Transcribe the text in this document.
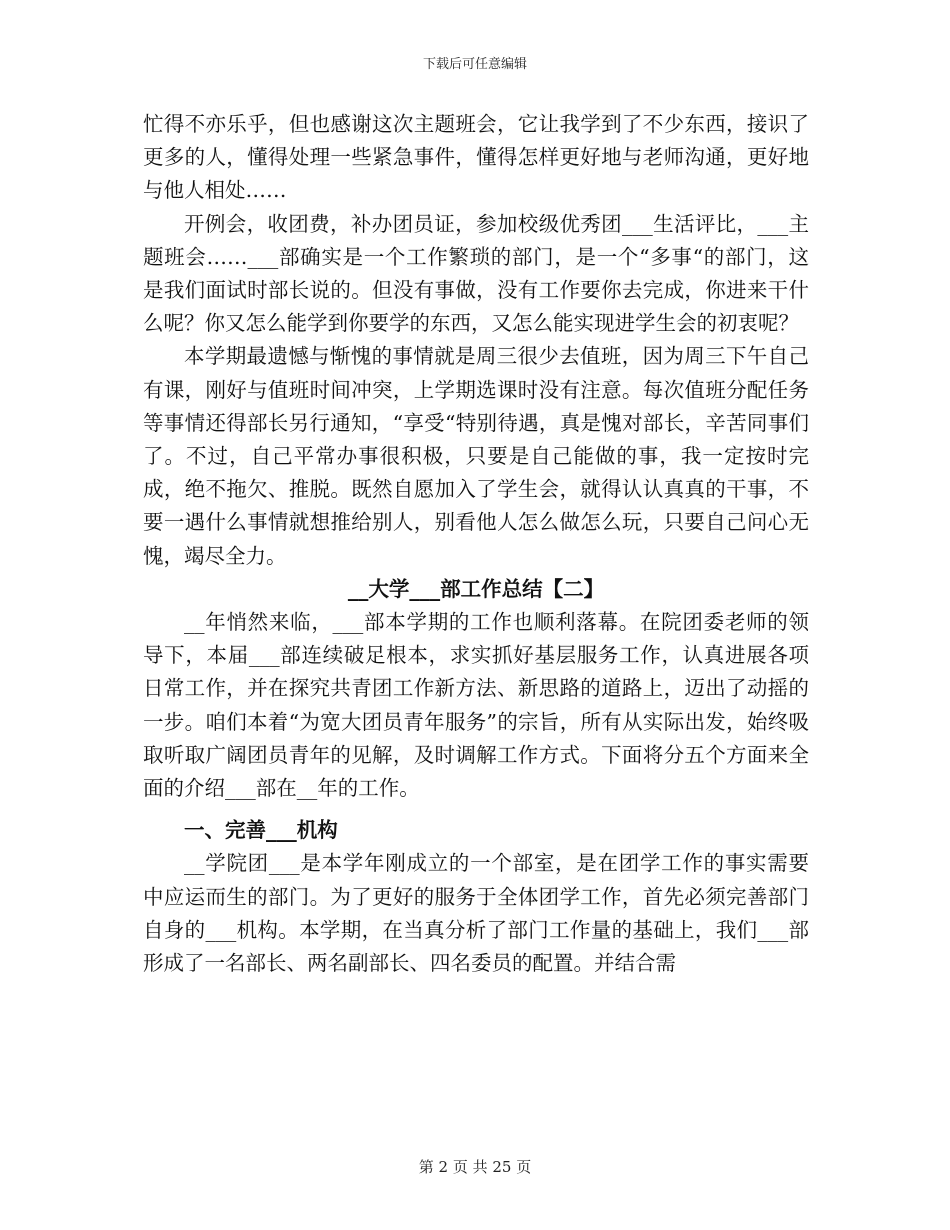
下载后可任意编辑

忙得不亦乐乎，但也感谢这次主题班会，它让我学到了不少东西，接识了更多的人，懂得处理一些紧急事件，懂得怎样更好地与老师沟通，更好地与他人相处……

开例会，收团费，补办团员证，参加校级优秀团___生活评比，___主题班会……___部确实是一个工作繁琐的部门，是一个“多事“的部门，这是我们面试时部长说的。但没有事做，没有工作要你去完成，你进来干什么呢？你又怎么能学到你要学的东西，又怎么能实现进学生会的初衷呢？

本学期最遗憾与惭愧的事情就是周三很少去值班，因为周三下午自己有课，刚好与值班时间冲突，上学期选课时没有注意。每次值班分配任务等事情还得部长另行通知，“享受“特别待遇，真是愧对部长，辛苦同事们了。不过，自己平常办事很积极，只要是自己能做的事，我一定按时完成，绝不拖欠、推脱。既然自愿加入了学生会，就得认认真真的干事，不要一遇什么事情就想推给别人，别看他人怎么做怎么玩，只要自己问心无愧，竭尽全力。

__大学___部工作总结【二】

__年悄然来临，___部本学期的工作也顺利落幕。在院团委老师的领导下，本届___部连续破足根本，求实抓好基层服务工作，认真进展各项日常工作，并在探究共青团工作新方法、新思路的道路上，迈出了动摇的一步。咱们本着“为宽大团员青年服务”的宗旨，所有从实际出发，始终吸取听取广阔团员青年的见解，及时调解工作方式。下面将分五个方面来全面的介绍___部在__年的工作。

一、完善___机构

__学院团___是本学年刚成立的一个部室，是在团学工作的事实需要中应运而生的部门。为了更好的服务于全体团学工作，首先必须完善部门自身的___机构。本学期，在当真分析了部门工作量的基础上，我们___部形成了一名部长、两名副部长、四名委员的配置。并结合需

第 2 页 共 25 页
